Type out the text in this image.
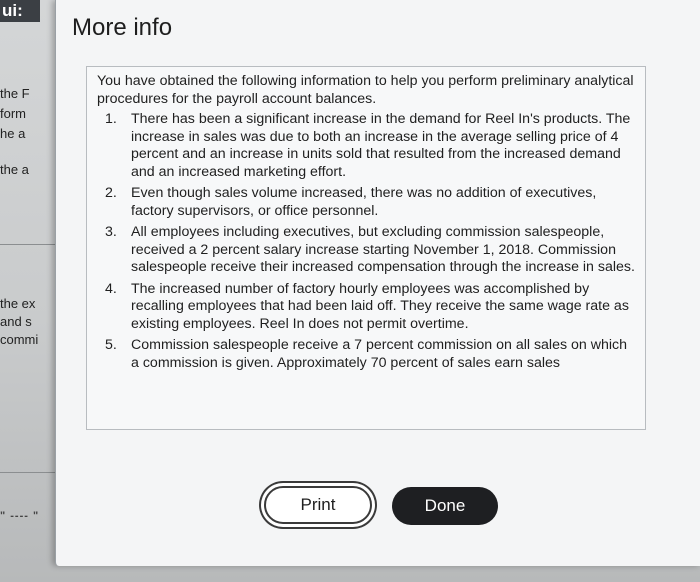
ui:
the F
form
he a
the a
the ex
and s
commi
" ---- "
More info

You have obtained the following information to help you perform preliminary analytical procedures for the payroll account balances.

1. There has been a significant increase in the demand for Reel In's products. The increase in sales was due to both an increase in the average selling price of 4 percent and an increase in units sold that resulted from the increased demand and an increased marketing effort.
2. Even though sales volume increased, there was no addition of executives, factory supervisors, or office personnel.
3. All employees including executives, but excluding commission salespeople, received a 2 percent salary increase starting November 1, 2018. Commission salespeople receive their increased compensation through the increase in sales.
4. The increased number of factory hourly employees was accomplished by recalling employees that had been laid off. They receive the same wage rate as existing employees. Reel In does not permit overtime.
5. Commission salespeople receive a 7 percent commission on all sales on which a commission is given. Approximately 70 percent of sales earn sales
Print	Done
